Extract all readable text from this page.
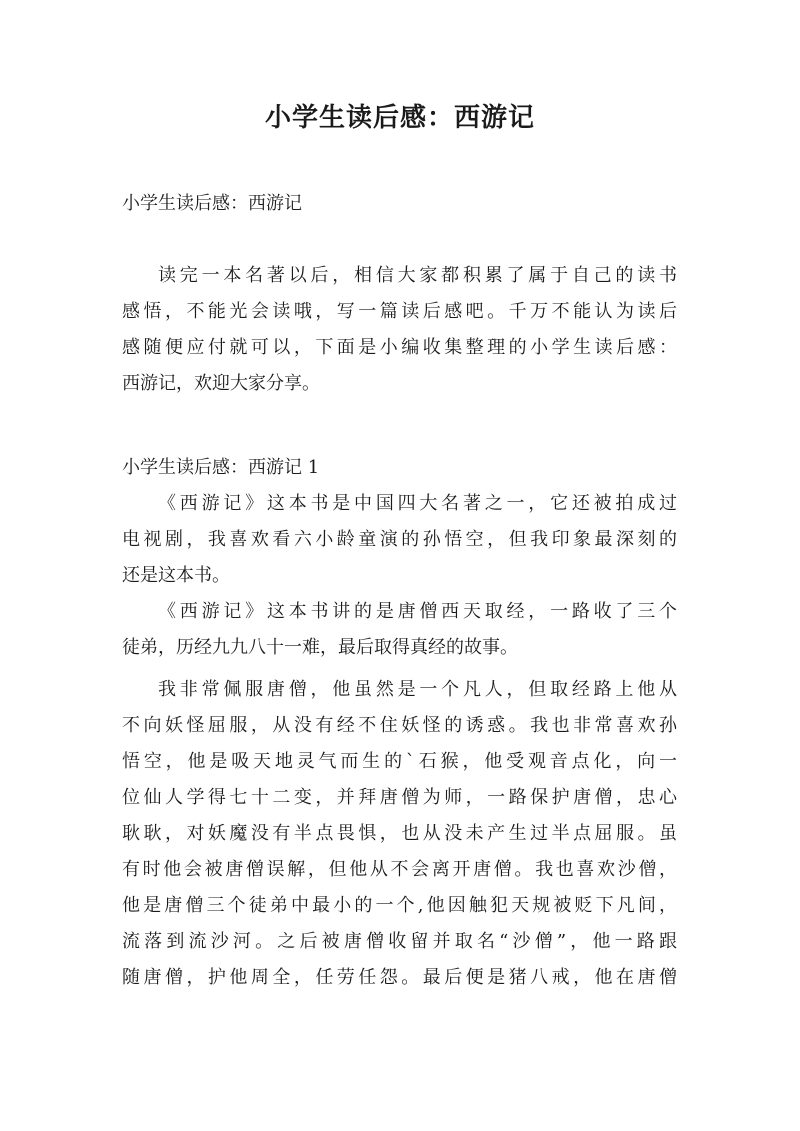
小学生读后感：西游记

小学生读后感：西游记

读完一本名著以后，相信大家都积累了属于自己的读书

感悟，不能光会读哦，写一篇读后感吧。千万不能认为读后

感随便应付就可以，下面是小编收集整理的小学生读后感：

西游记，欢迎大家分享。

小学生读后感：西游记 1

《西游记》这本书是中国四大名著之一，它还被拍成过

电视剧，我喜欢看六小龄童演的孙悟空，但我印象最深刻的

还是这本书。

《西游记》这本书讲的是唐僧西天取经，一路收了三个

徒弟，历经九九八十一难，最后取得真经的故事。

我非常佩服唐僧，他虽然是一个凡人，但取经路上他从

不向妖怪屈服，从没有经不住妖怪的诱惑。我也非常喜欢孙

悟空，他是吸天地灵气而生的`石猴，他受观音点化，向一

位仙人学得七十二变，并拜唐僧为师，一路保护唐僧，忠心

耿耿，对妖魔没有半点畏惧，也从没未产生过半点屈服。虽

有时他会被唐僧误解，但他从不会离开唐僧。我也喜欢沙僧，

他是唐僧三个徒弟中最小的一个,他因触犯天规被贬下凡间，

流落到流沙河。之后被唐僧收留并取名“沙僧”，他一路跟

随唐僧，护他周全，任劳任怨。最后便是猪八戒，他在唐僧
